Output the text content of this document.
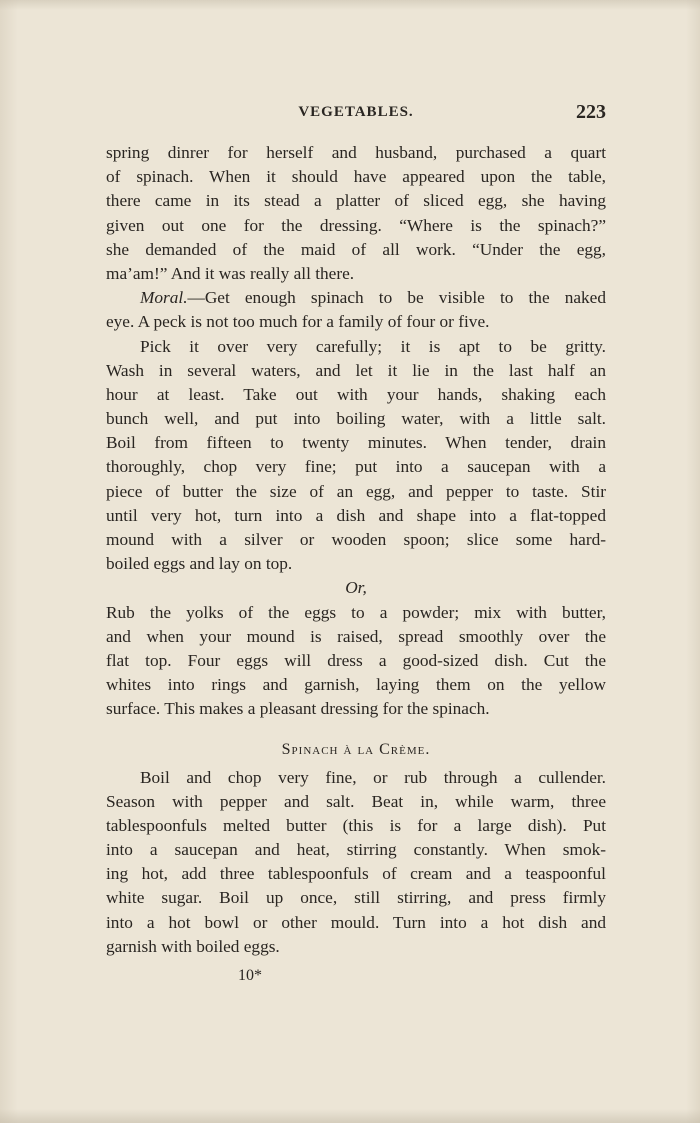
VEGETABLES.	223
spring dinrer for herself and husband, purchased a quart
of spinach. When it should have appeared upon the table,
there came in its stead a platter of sliced egg, she having
given out one for the dressing. “Where is the spinach?”
she demanded of the maid of all work. “Under the egg,
ma’am!” And it was really all there.
Moral.—Get enough spinach to be visible to the naked
eye. A peck is not too much for a family of four or five.
Pick it over very carefully; it is apt to be gritty.
Wash in several waters, and let it lie in the last half an
hour at least. Take out with your hands, shaking each
bunch well, and put into boiling water, with a little salt.
Boil from fifteen to twenty minutes. When tender, drain
thoroughly, chop very fine; put into a saucepan with a
piece of butter the size of an egg, and pepper to taste. Stir
until very hot, turn into a dish and shape into a flat-topped
mound with a silver or wooden spoon; slice some hard-
boiled eggs and lay on top.
Or,
Rub the yolks of the eggs to a powder; mix with butter,
and when your mound is raised, spread smoothly over the
flat top. Four eggs will dress a good-sized dish. Cut the
whites into rings and garnish, laying them on the yellow
surface. This makes a pleasant dressing for the spinach.
Spinach à la Crème.
Boil and chop very fine, or rub through a cullender.
Season with pepper and salt. Beat in, while warm, three
tablespoonfuls melted butter (this is for a large dish). Put
into a saucepan and heat, stirring constantly. When smok-
ing hot, add three tablespoonfuls of cream and a teaspoonful
white sugar. Boil up once, still stirring, and press firmly
into a hot bowl or other mould. Turn into a hot dish and
garnish with boiled eggs.
10*
